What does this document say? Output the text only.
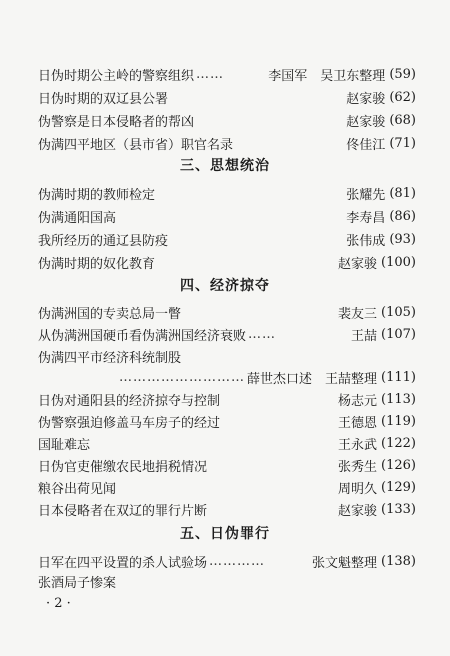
日伪时期公主岭的警察组织 ……	李国军　吴卫东整理 (59)
日伪时期的双辽县公署	赵家骏 (62)
伪警察是日本侵略者的帮凶	赵家骏 (68)
伪满四平地区（县市省）职官名录	佟佳江 (71)
三、思想统治
伪满时期的教师检定	张耀先 (81)
伪满通阳国高	李寿昌 (86)
我所经历的通辽县防疫	张伟成 (93)
伪满时期的奴化教育	赵家骏 (100)
四、经济掠夺
伪满洲国的专卖总局一瞥	裴友三 (105)
从伪满洲国硬币看伪满洲国经济衰败 ……	王喆 (107)
伪满四平市经济科统制股
……………………… 薛世杰口述　王喆整理 (111)
日伪对通阳县的经济掠夺与控制	杨志元 (113)
伪警察强迫修盖马车房子的经过	王德恩 (119)
国耻难忘	王永武 (122)
日伪官吏催缴农民地捐税情况	张秀生 (126)
粮谷出荷见闻	周明久 (129)
日本侵略者在双辽的罪行片断	赵家骏 (133)
五、日伪罪行
日军在四平设置的杀人试验场 …………	张文魁整理 (138)
张酒局子惨案
· 2 ·
